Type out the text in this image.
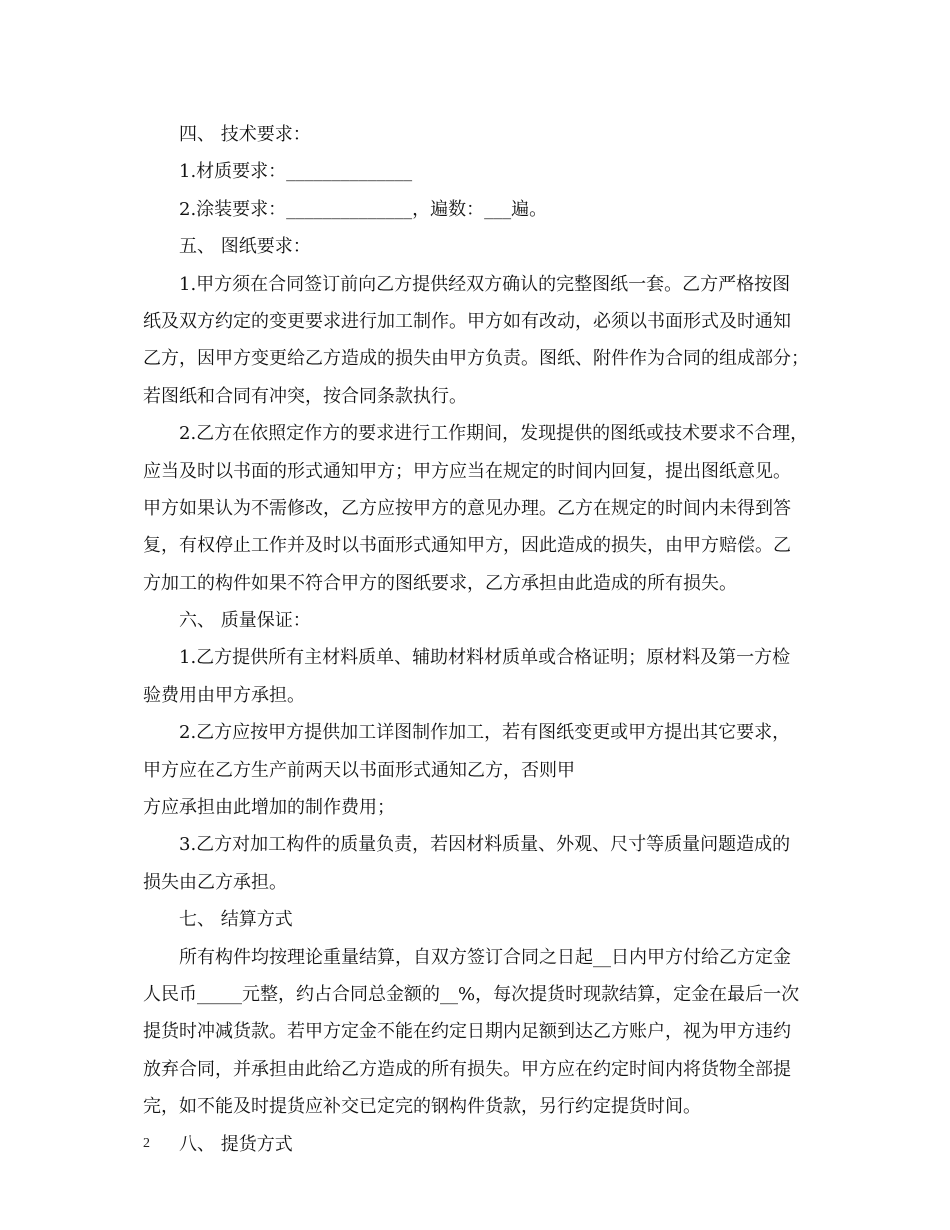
四、 技术要求：
1.材质要求：______________
2.涂装要求：______________，遍数：___遍。
五、 图纸要求：
1.甲方须在合同签订前向乙方提供经双方确认的完整图纸一套。乙方严格按图
纸及双方约定的变更要求进行加工制作。甲方如有改动，必须以书面形式及时通知
乙方，因甲方变更给乙方造成的损失由甲方负责。图纸、附件作为合同的组成部分；
若图纸和合同有冲突，按合同条款执行。
2.乙方在依照定作方的要求进行工作期间，发现提供的图纸或技术要求不合理，
应当及时以书面的形式通知甲方；甲方应当在规定的时间内回复，提出图纸意见。
甲方如果认为不需修改，乙方应按甲方的意见办理。乙方在规定的时间内未得到答
复，有权停止工作并及时以书面形式通知甲方，因此造成的损失，由甲方赔偿。乙
方加工的构件如果不符合甲方的图纸要求，乙方承担由此造成的所有损失。
六、 质量保证：
1.乙方提供所有主材料质单、辅助材料材质单或合格证明；原材料及第一方检
验费用由甲方承担。
2.乙方应按甲方提供加工详图制作加工，若有图纸变更或甲方提出其它要求，
甲方应在乙方生产前两天以书面形式通知乙方，否则甲
方应承担由此增加的制作费用；
3.乙方对加工构件的质量负责，若因材料质量、外观、尺寸等质量问题造成的
损失由乙方承担。
七、 结算方式
所有构件均按理论重量结算，自双方签订合同之日起__日内甲方付给乙方定金
人民币_____元整，约占合同总金额的__%，每次提货时现款结算，定金在最后一次
提货时冲减货款。若甲方定金不能在约定日期内足额到达乙方账户，视为甲方违约
放弃合同，并承担由此给乙方造成的所有损失。甲方应在约定时间内将货物全部提
完，如不能及时提货应补交已定完的钢构件货款，另行约定提货时间。
八、 提货方式
2
